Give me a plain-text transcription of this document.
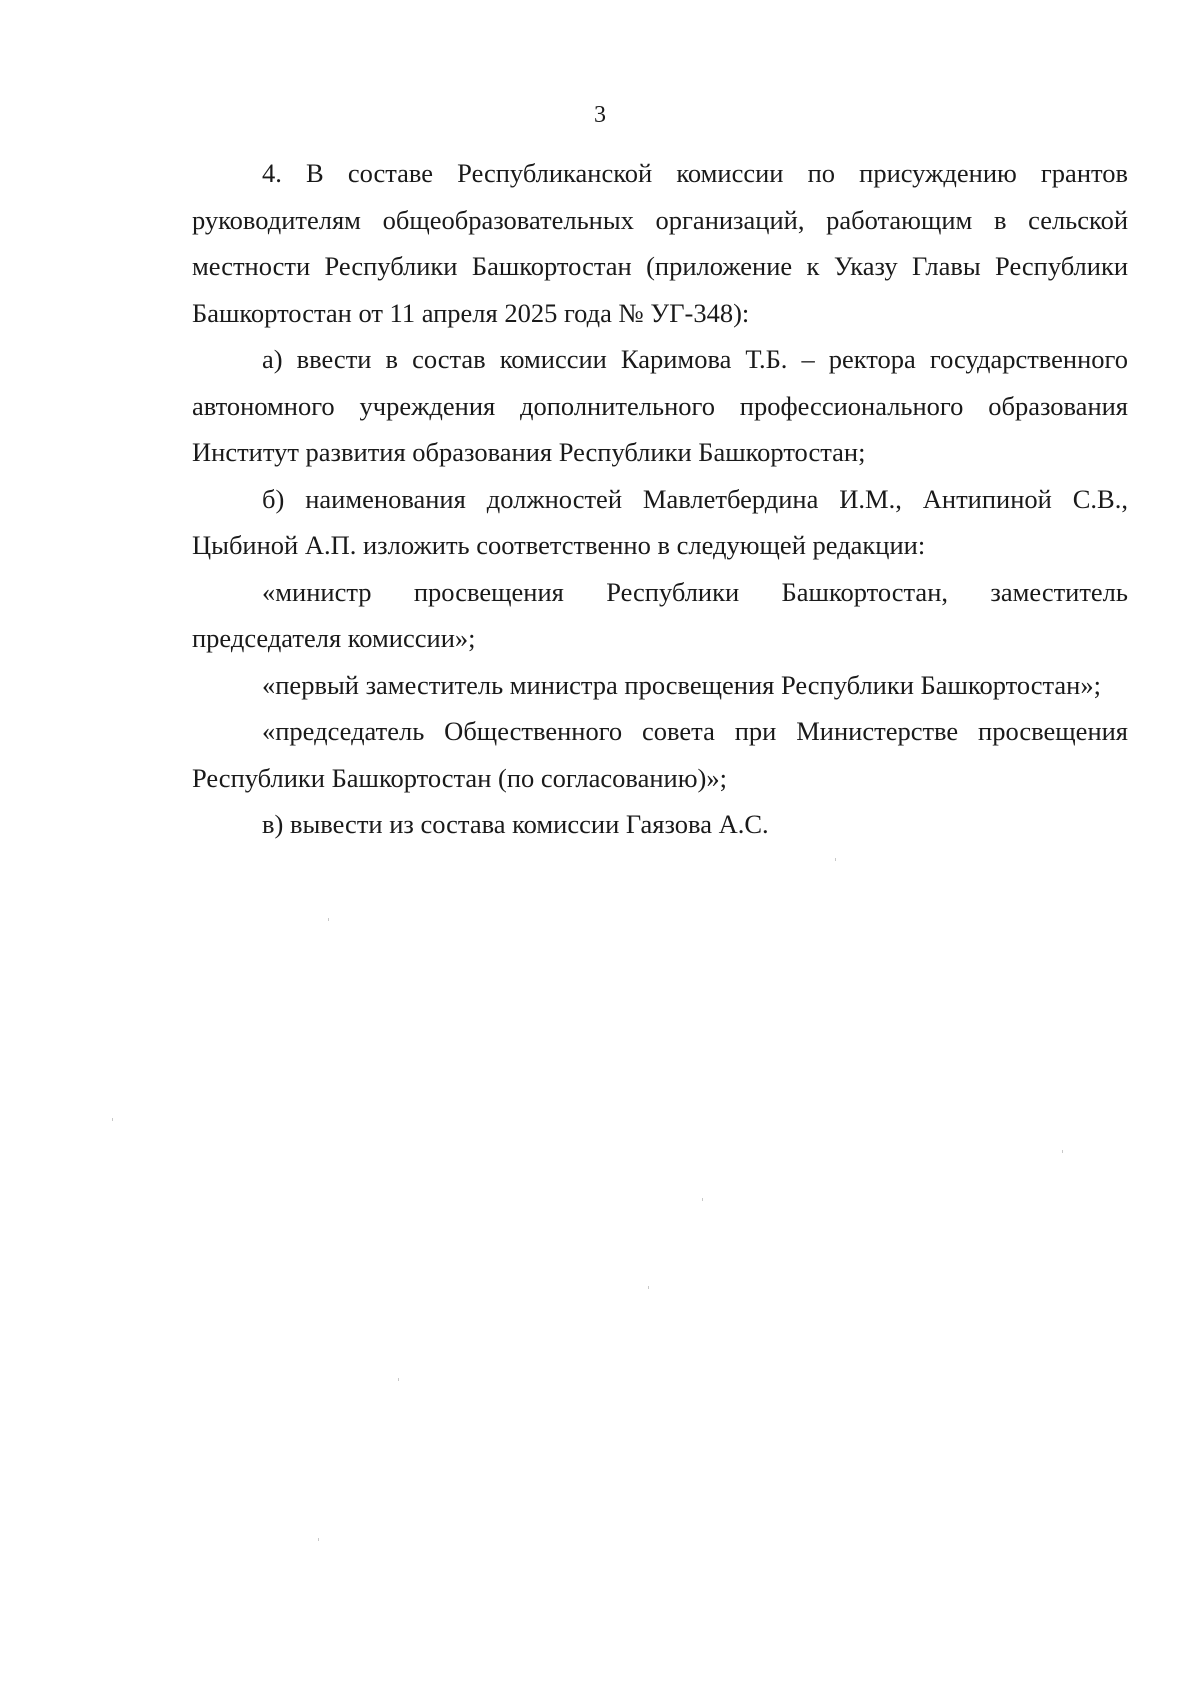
3

4. В составе Республиканской комиссии по присуждению грантов руководителям общеобразовательных организаций, работающим в сельской местности Республики Башкортостан (приложение к Указу Главы Республики Башкортостан от 11 апреля 2025 года № УГ-348):

а) ввести в состав комиссии Каримова Т.Б. – ректора государственного автономного учреждения дополнительного профессионального образования Институт развития образования Республики Башкортостан;

б) наименования должностей Мавлетбердина И.М., Антипиной С.В., Цыбиной А.П. изложить соответственно в следующей редакции:

«министр просвещения Республики Башкортостан, заместитель председателя комиссии»;

«первый заместитель министра просвещения Республики Башкортостан»;

«председатель Общественного совета при Министерстве просвещения Республики Башкортостан (по согласованию)»;

в) вывести из состава комиссии Гаязова А.С.
